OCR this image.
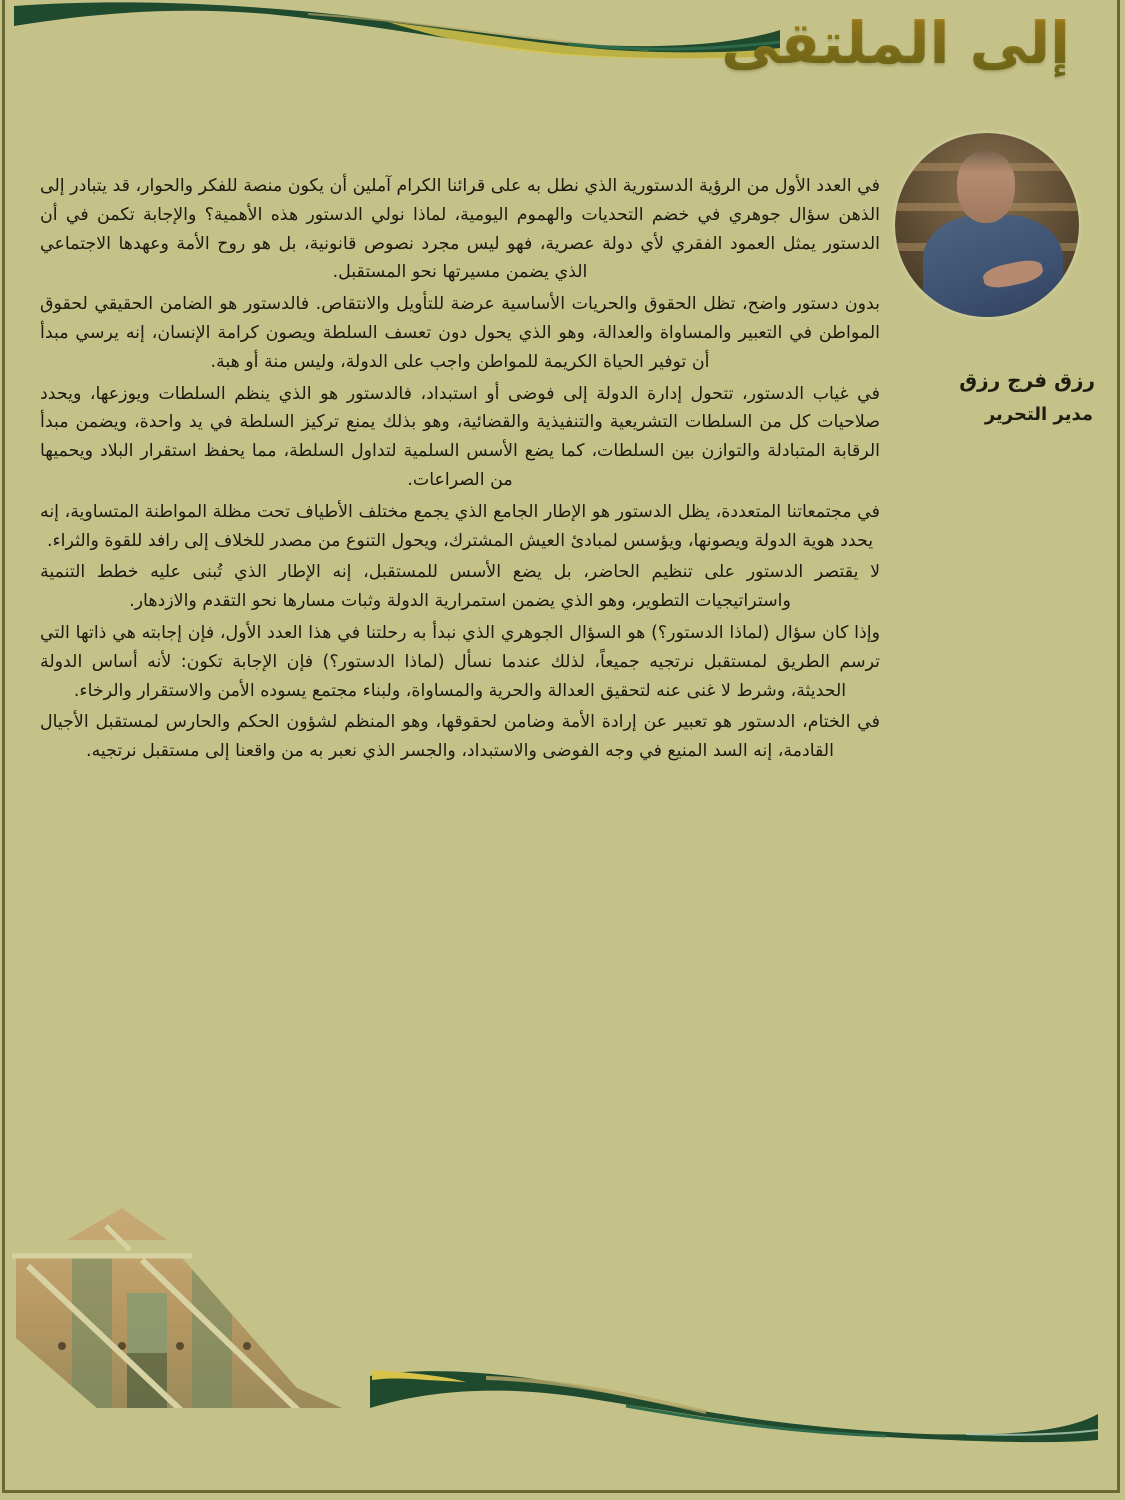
إلى الملتقى
رزق فرج رزق
مدير التحرير

في العدد الأول من الرؤية الدستورية الذي نطل به على قرائنا الكرام آملين أن يكون منصة للفكر والحوار، قد يتبادر إلى الذهن سؤال جوهري في خضم التحديات والهموم اليومية، لماذا نولي الدستور هذه الأهمية؟ والإجابة تكمن في أن الدستور يمثل العمود الفقري لأي دولة عصرية، فهو ليس مجرد نصوص قانونية، بل هو روح الأمة وعهدها الاجتماعي الذي يضمن مسيرتها نحو المستقبل.

بدون دستور واضح، تظل الحقوق والحريات الأساسية عرضة للتأويل والانتقاص. فالدستور هو الضامن الحقيقي لحقوق المواطن في التعبير والمساواة والعدالة، وهو الذي يحول دون تعسف السلطة ويصون كرامة الإنسان، إنه يرسي مبدأ أن توفير الحياة الكريمة للمواطن واجب على الدولة، وليس منة أو هبة.

في غياب الدستور، تتحول إدارة الدولة إلى فوضى أو استبداد، فالدستور هو الذي ينظم السلطات ويوزعها، ويحدد صلاحيات كل من السلطات التشريعية والتنفيذية والقضائية، وهو بذلك يمنع تركيز السلطة في يد واحدة، ويضمن مبدأ الرقابة المتبادلة والتوازن بين السلطات، كما يضع الأسس السلمية لتداول السلطة، مما يحفظ استقرار البلاد ويحميها من الصراعات.

في مجتمعاتنا المتعددة، يظل الدستور هو الإطار الجامع الذي يجمع مختلف الأطياف تحت مظلة المواطنة المتساوية، إنه يحدد هوية الدولة ويصونها، ويؤسس لمبادئ العيش المشترك، ويحول التنوع من مصدر للخلاف إلى رافد للقوة والثراء.

لا يقتصر الدستور على تنظيم الحاضر، بل يضع الأسس للمستقبل، إنه الإطار الذي تُبنى عليه خطط التنمية واستراتيجيات التطوير، وهو الذي يضمن استمرارية الدولة وثبات مسارها نحو التقدم والازدهار.

وإذا كان سؤال (لماذا الدستور؟) هو السؤال الجوهري الذي نبدأ به رحلتنا في هذا العدد الأول، فإن إجابته هي ذاتها التي ترسم الطريق لمستقبل نرتجيه جميعاً، لذلك عندما نسأل (لماذا الدستور؟) فإن الإجابة تكون: لأنه أساس الدولة الحديثة، وشرط لا غنى عنه لتحقيق العدالة والحرية والمساواة، ولبناء مجتمع يسوده الأمن والاستقرار والرخاء.

في الختام، الدستور هو تعبير عن إرادة الأمة وضامن لحقوقها، وهو المنظم لشؤون الحكم والحارس لمستقبل الأجيال القادمة، إنه السد المنيع في وجه الفوضى والاستبداد، والجسر الذي نعبر به من واقعنا إلى مستقبل نرتجيه.
